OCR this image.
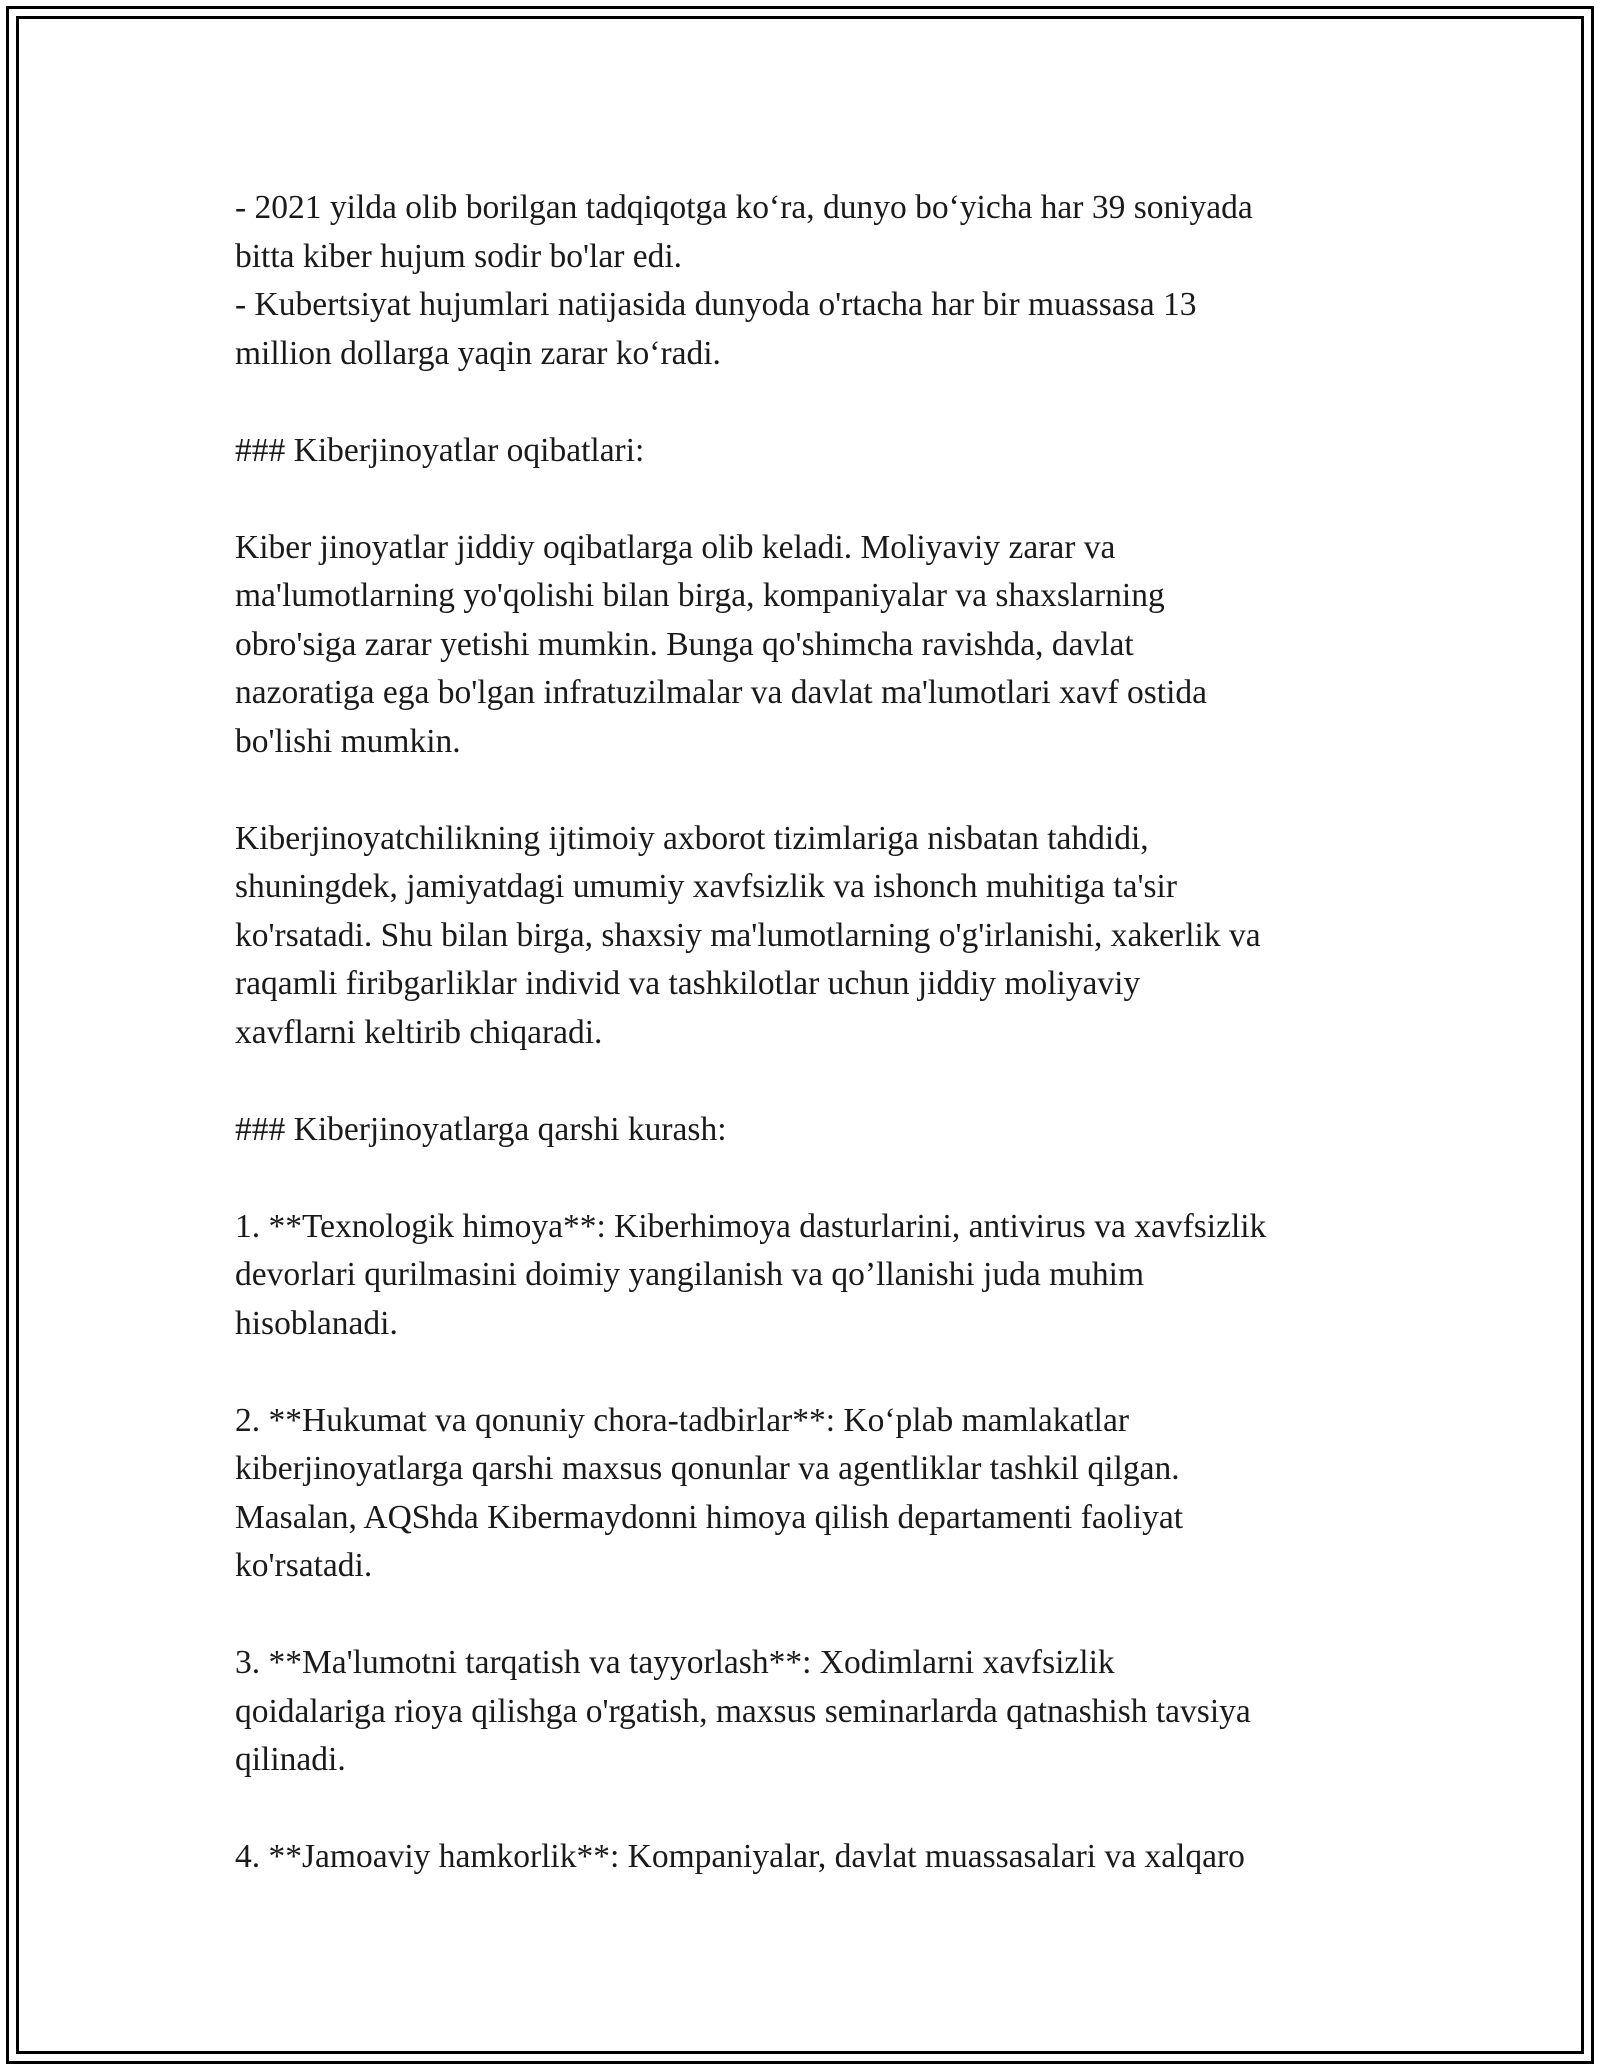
- 2021 yilda olib borilgan tadqiqotga koʻra, dunyo boʻyicha har 39 soniyada
bitta kiber hujum sodir bo'lar edi.
- Kubertsiyat hujumlari natijasida dunyoda o'rtacha har bir muassasa 13
million dollarga yaqin zarar koʻradi.
### Kiberjinoyatlar oqibatlari:
Kiber jinoyatlar jiddiy oqibatlarga olib keladi. Moliyaviy zarar va
ma'lumotlarning yo'qolishi bilan birga, kompaniyalar va shaxslarning
obro'siga zarar yetishi mumkin. Bunga qo'shimcha ravishda, davlat
nazoratiga ega bo'lgan infratuzilmalar va davlat ma'lumotlari xavf ostida
bo'lishi mumkin.
Kiberjinoyatchilikning ijtimoiy axborot tizimlariga nisbatan tahdidi,
shuningdek, jamiyatdagi umumiy xavfsizlik va ishonch muhitiga ta'sir
ko'rsatadi. Shu bilan birga, shaxsiy ma'lumotlarning o'g'irlanishi, xakerlik va
raqamli firibgarliklar individ va tashkilotlar uchun jiddiy moliyaviy
xavflarni keltirib chiqaradi.
### Kiberjinoyatlarga qarshi kurash:
1. **Texnologik himoya**: Kiberhimoya dasturlarini, antivirus va xavfsizlik
devorlari qurilmasini doimiy yangilanish va qo’llanishi juda muhim
hisoblanadi.
2. **Hukumat va qonuniy chora-tadbirlar**: Koʻplab mamlakatlar
kiberjinoyatlarga qarshi maxsus qonunlar va agentliklar tashkil qilgan.
Masalan, AQShda Kibermaydonni himoya qilish departamenti faoliyat
ko'rsatadi.
3. **Ma'lumotni tarqatish va tayyorlash**: Xodimlarni xavfsizlik
qoidalariga rioya qilishga o'rgatish, maxsus seminarlarda qatnashish tavsiya
qilinadi.
4. **Jamoaviy hamkorlik**: Kompaniyalar, davlat muassasalari va xalqaro
